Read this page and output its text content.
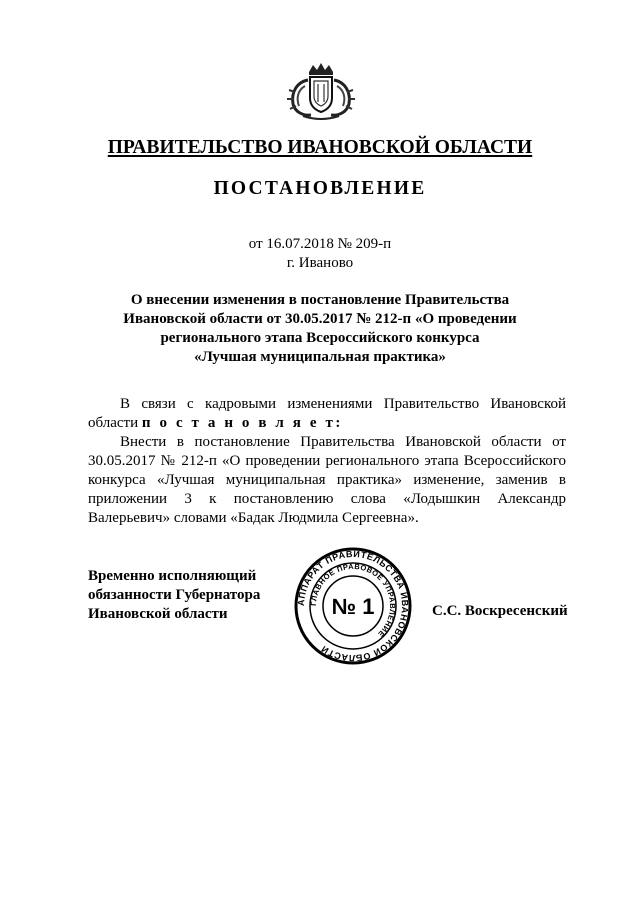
ПРАВИТЕЛЬСТВО ИВАНОВСКОЙ ОБЛАСТИ
ПОСТАНОВЛЕНИЕ
от 16.07.2018 № 209-п
г. Иваново
О внесении изменения в постановление Правительства
Ивановской области от 30.05.2017 № 212-п «О проведении
регионального этапа Всероссийского конкурса
«Лучшая муниципальная практика»

В связи с кадровыми изменениями Правительство Ивановской области п о с т а н о в л я е т:

Внести в постановление Правительства Ивановской области от 30.05.2017 № 212-п «О проведении регионального этапа Всероссийского конкурса «Лучшая муниципальная практика» изменение, заменив в приложении 3 к постановлению слова «Лодышкин Александр Валерьевич» словами «Бадак Людмила Сергеевна».

Временно исполняющий
обязанности Губернатора
Ивановской области
АППАРАТ ПРАВИТЕЛЬСТВА ИВАНОВСКОЙ ОБЛАСТИ
ГЛАВНОЕ ПРАВОВОЕ УПРАВЛЕНИЕ
№ 1	С.С. Воскресенский
